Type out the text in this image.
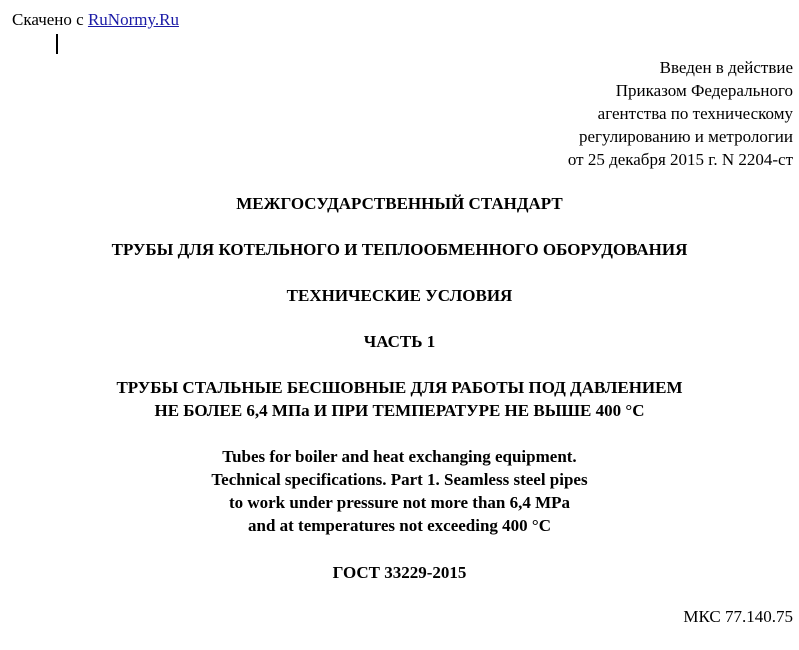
Скачено с RuNormy.Ru
Введен в действие
Приказом Федерального
агентства по техническому
регулированию и метрологии
от 25 декабря 2015 г. N 2204-ст
МЕЖГОСУДАРСТВЕННЫЙ СТАНДАРТ
ТРУБЫ ДЛЯ КОТЕЛЬНОГО И ТЕПЛООБМЕННОГО ОБОРУДОВАНИЯ
ТЕХНИЧЕСКИЕ УСЛОВИЯ
ЧАСТЬ 1
ТРУБЫ СТАЛЬНЫЕ БЕСШОВНЫЕ ДЛЯ РАБОТЫ ПОД ДАВЛЕНИЕМ
НЕ БОЛЕЕ 6,4 МПа И ПРИ ТЕМПЕРАТУРЕ НЕ ВЫШЕ 400 °С
Tubes for boiler and heat exchanging equipment.
Technical specifications. Part 1. Seamless steel pipes
to work under pressure not more than 6,4 MPa
and at temperatures not exceeding 400 °C
ГОСТ 33229-2015
МКС 77.140.75
